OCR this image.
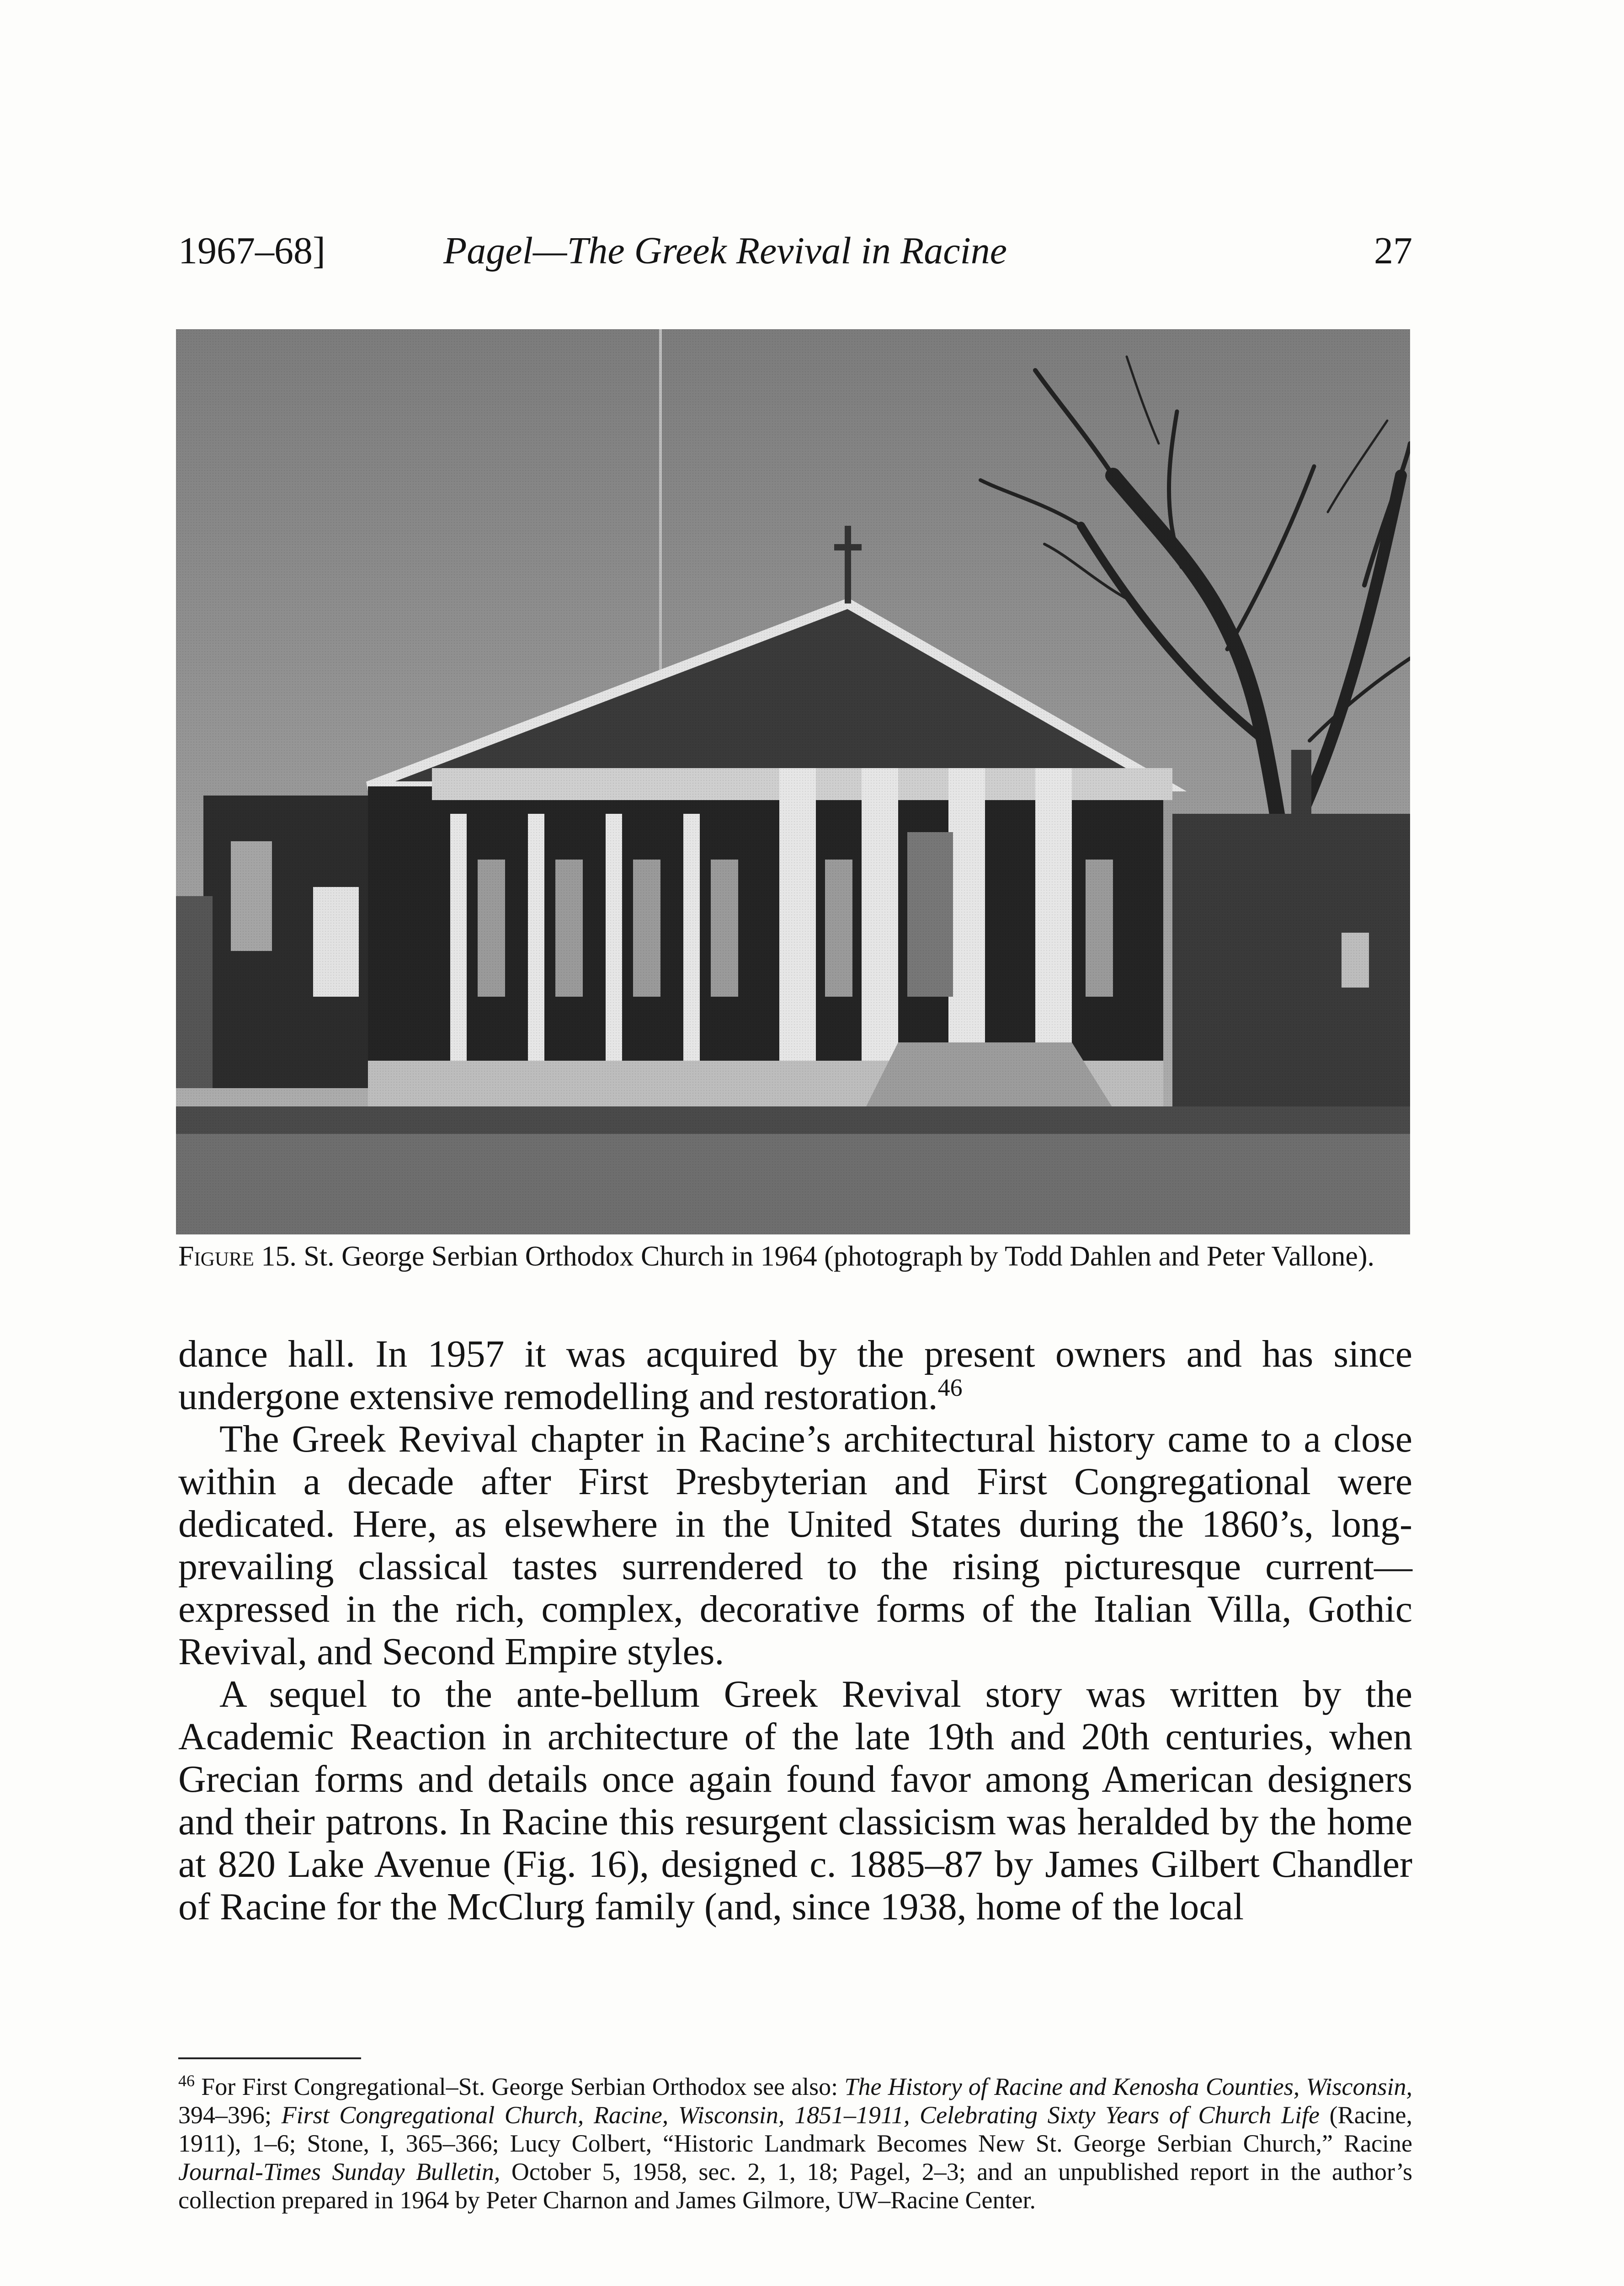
1967–68]	Pagel—The Greek Revival in Racine	27
Figure 15. St. George Serbian Orthodox Church in 1964 (photograph by Todd Dahlen and Peter Vallone).

dance hall. In 1957 it was acquired by the present owners and has since undergone extensive remodelling and restoration.$^{46}$

The Greek Revival chapter in Racine’s architectural history came to a close within a decade after First Presbyterian and First Congregational were dedicated. Here, as elsewhere in the United States during the 1860’s, long-prevailing classical tastes surrendered to the rising picturesque current—expressed in the rich, complex, decorative forms of the Italian Villa, Gothic Revival, and Second Empire styles.

A sequel to the ante-bellum Greek Revival story was written by the Academic Reaction in architecture of the late 19th and 20th centuries, when Grecian forms and details once again found favor among American designers and their patrons. In Racine this resurgent classicism was heralded by the home at 820 Lake Avenue (Fig. 16), designed c. 1885–87 by James Gilbert Chandler of Racine for the McClurg family (and, since 1938, home of the local

$^{46}$ For First Congregational–St. George Serbian Orthodox see also: The History of Racine and Kenosha Counties, Wisconsin, 394–396; First Congregational Church, Racine, Wisconsin, 1851–1911, Celebrating Sixty Years of Church Life (Racine, 1911), 1–6; Stone, I, 365–366; Lucy Colbert, “Historic Landmark Becomes New St. George Serbian Church,” Racine Journal-Times Sunday Bulletin, October 5, 1958, sec. 2, 1, 18; Pagel, 2–3; and an unpublished report in the author’s collection prepared in 1964 by Peter Charnon and James Gilmore, UW–Racine Center.
